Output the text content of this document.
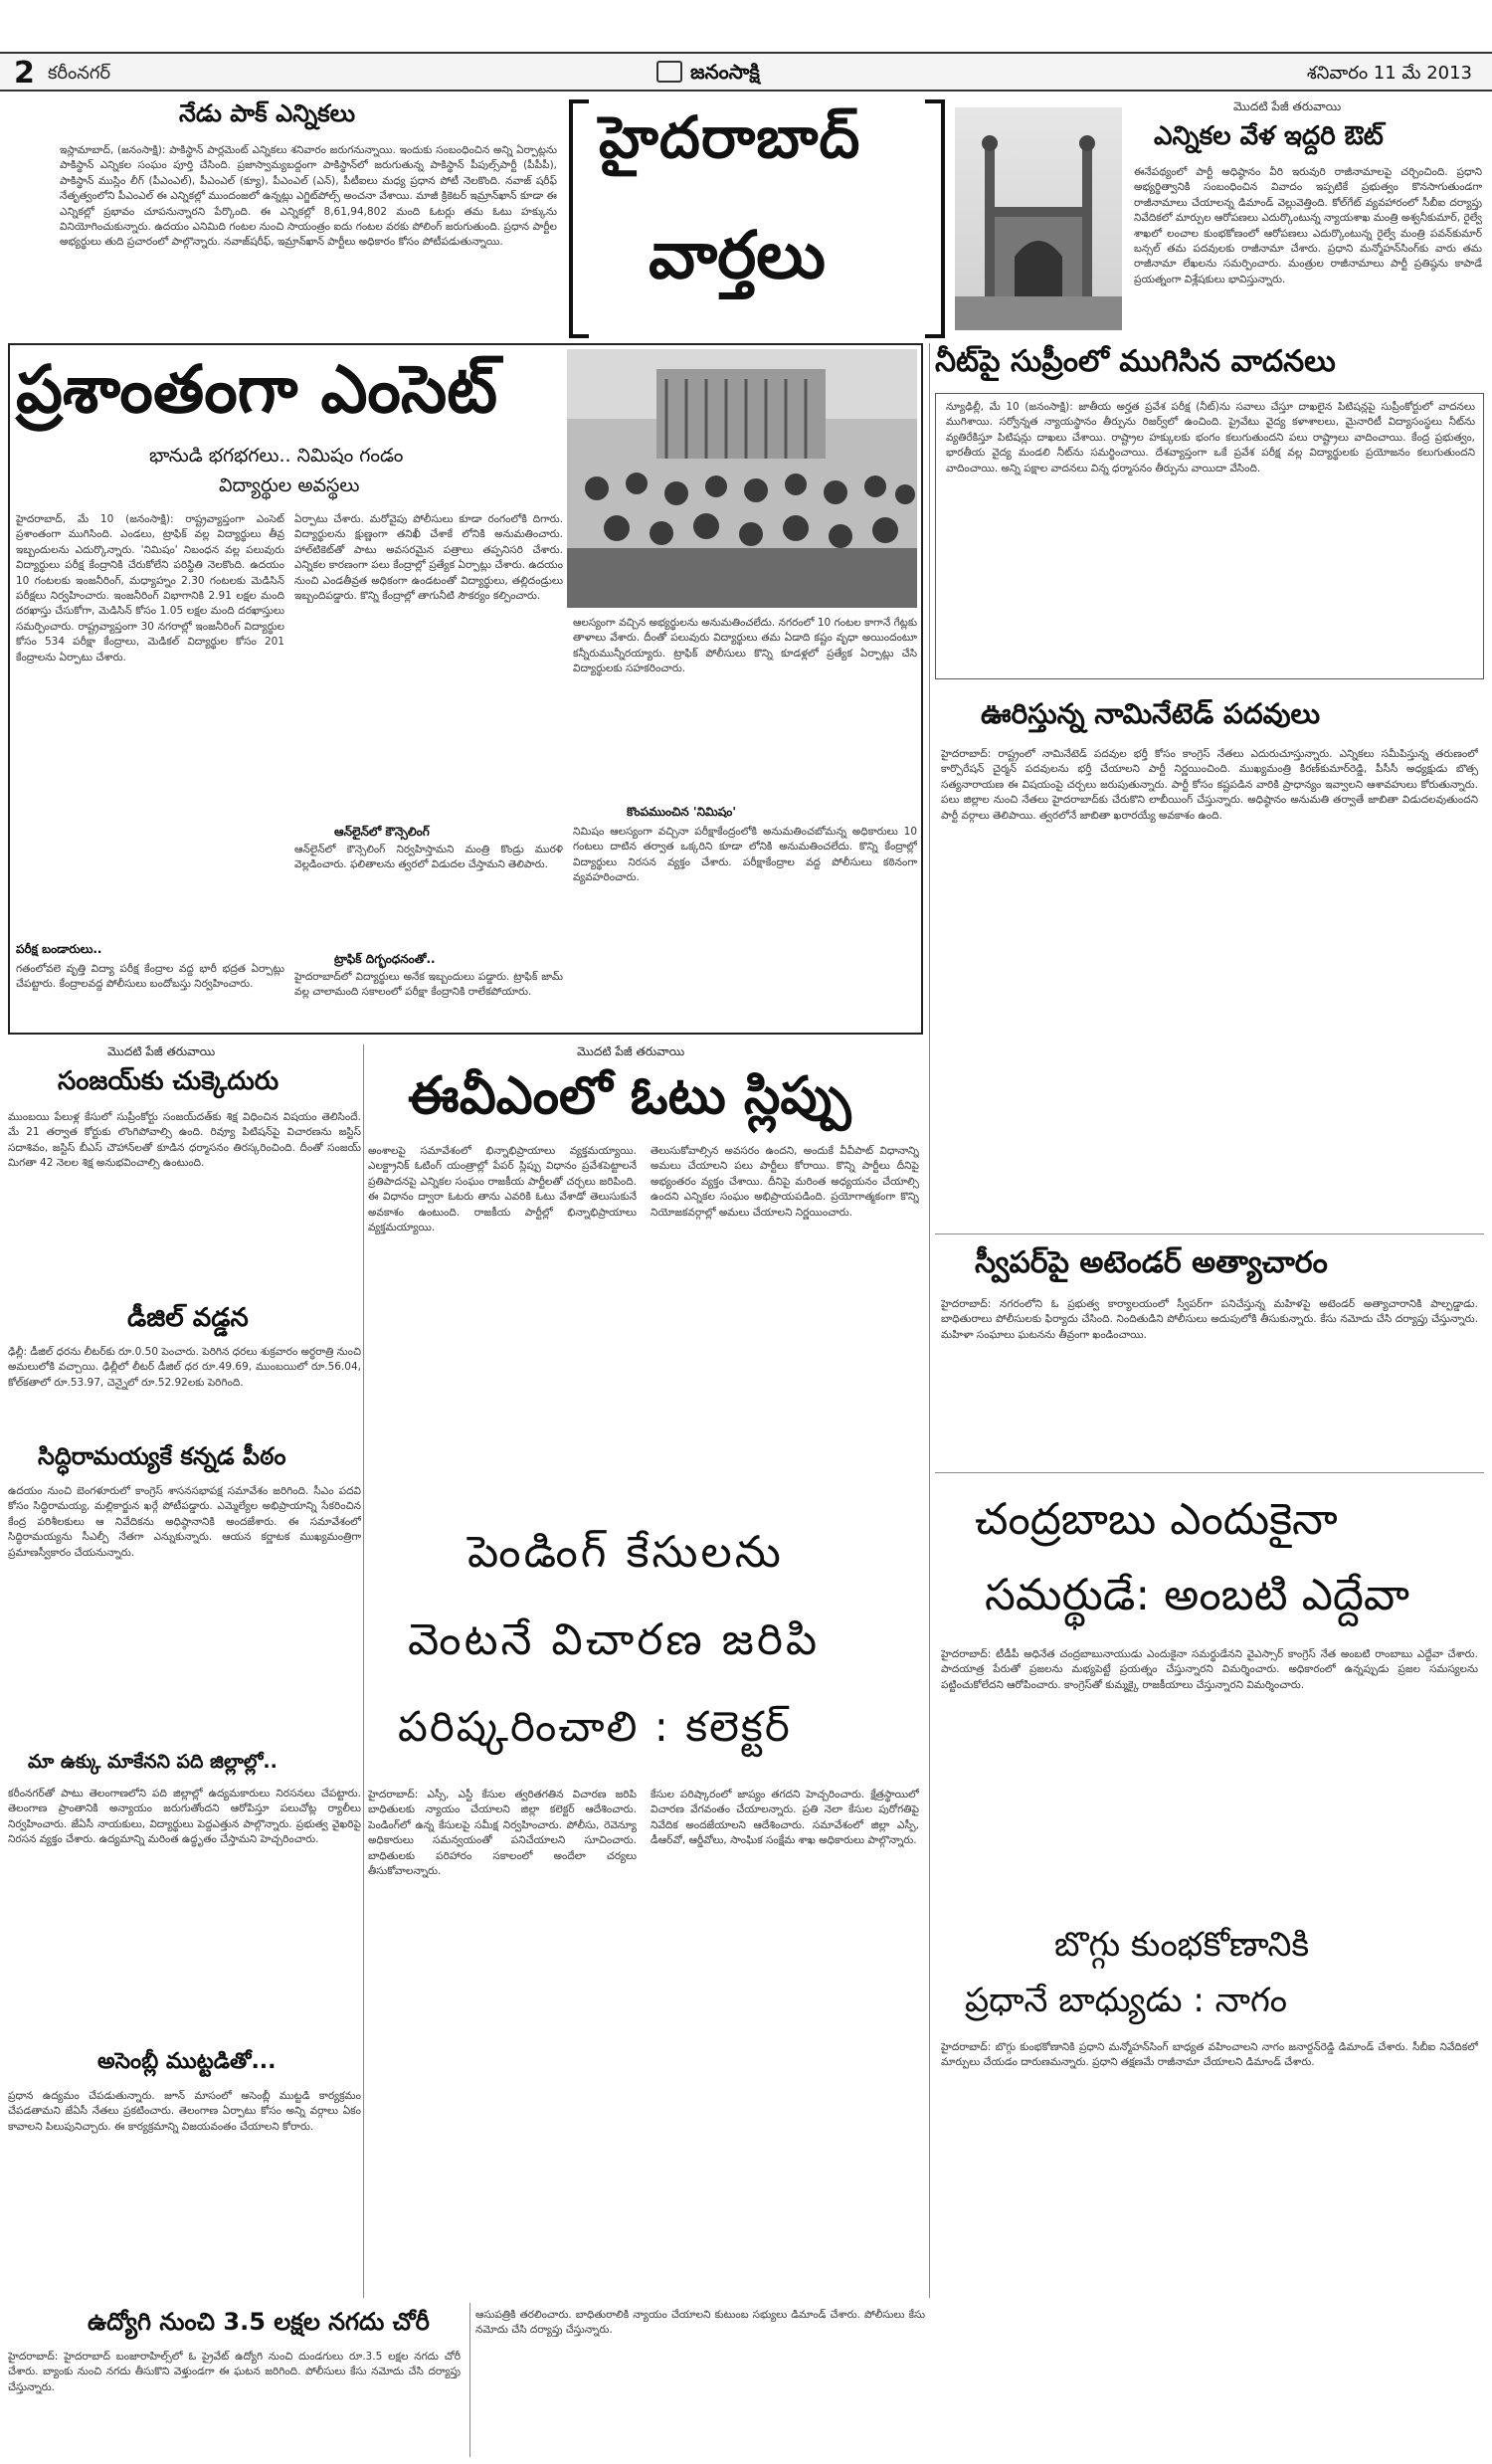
2 కరీంనగర్	జనంసాక్షి	శనివారం 11 మే 2013
నేడు పాక్‌ ఎన్నికలు
ఇస్లామాబాద్‌, (జనంసాక్షి): పాకిస్థాన్‌ పార్లమెంట్‌ ఎన్నికలు శనివారం జరుగనున్నాయి. ఇందుకు సంబంధించిన అన్ని ఏర్పాట్లను పాకిస్థాన్‌ ఎన్నికల సంఘం పూర్తి చేసింది. ప్రజాస్వామ్యబద్దంగా పాకిస్థాన్‌లో జరుగుతున్న పాకిస్థాన్‌ పీపుల్స్‌పార్టీ (పీపీపీ), పాకిస్థాన్‌ ముస్లిం లీగ్‌ (పీఎంఎల్‌), పీఎంఎల్‌ (క్యూ), పీఎంఎల్‌ (ఎన్‌), పీటీఐలు మధ్య ప్రధాన పోటీ నెలకొంది. నవాజ్‌ షరీఫ్‌ నేతృత్వంలోని పీఎంఎల్‌ ఈ ఎన్నికల్లో ముందంజలో ఉన్నట్లు ఎగ్జిట్‌పోల్స్‌ అంచనా వేశాయి. మాజీ క్రికెటర్‌ ఇమ్రాన్‌ఖాన్‌ కూడా ఈ ఎన్నికల్లో ప్రభావం చూపనున్నారని పేర్కొంది. ఈ ఎన్నికల్లో 8,61,94,802 మంది ఓటర్లు తమ ఓటు హక్కును వినియోగించుకున్నారు. ఉదయం ఎనిమిది గంటల నుంచి సాయంత్రం ఐదు గంటల వరకు పోలింగ్‌ జరుగుతుంది. ప్రధాన పార్టీల అభ్యర్థులు తుది ప్రచారంలో పాల్గొన్నారు. నవాజ్‌షరీఫ్‌, ఇమ్రాన్‌ఖాన్‌ పార్టీలు అధికారం కోసం పోటీపడుతున్నాయి.
హైదరాబాద్
వార్తలు
మొదటి పేజీ తరువాయి
ఎన్నికల వేళ ఇద్దరి ఔట్‌
ఈనేపథ్యంలో పార్టీ అధిష్ఠానం వీరి ఇరువురి రాజీనామాలపై చర్చించింది. ప్రధాని అభ్యర్థిత్వానికి సంబంధించిన వివాదం ఇప్పటికే ప్రభుత్వం కొనసాగుతుండగా రాజీనామాలు చేయాలన్న డిమాండ్‌ వెల్లువెత్తింది. కోల్‌గేట్‌ వ్యవహారంలో సీబీఐ దర్యాప్తు నివేదికలో మార్పుల ఆరోపణలు ఎదుర్కొంటున్న న్యాయశాఖ మంత్రి అశ్వనీకుమార్‌, రైల్వే శాఖలో లంచాల కుంభకోణంలో ఆరోపణలు ఎదుర్కొంటున్న రైల్వే మంత్రి పవన్‌కుమార్‌ బన్సల్‌ తమ పదవులకు రాజీనామా చేశారు. ప్రధాని మన్మోహన్‌సింగ్‌కు వారు తమ రాజీనామా లేఖలను సమర్పించారు. మంత్రుల రాజీనామాలు పార్టీ ప్రతిష్ఠను కాపాడే ప్రయత్నంగా విశ్లేషకులు భావిస్తున్నారు.
ప్రశాంతంగా ఎంసెట్‌
భానుడి భగభగలు.. నిమిషం గండం
విద్యార్థుల అవస్థలు
హైదరాబాద్‌, మే 10 (జనంసాక్షి): రాష్ట్రవ్యాప్తంగా ఎంసెట్‌ ప్రశాంతంగా ముగిసింది. ఎండలు, ట్రాఫిక్‌ వల్ల విద్యార్థులు తీవ్ర ఇబ్బందులను ఎదుర్కొన్నారు. 'నిమిషం' నిబంధన వల్ల పలువురు విద్యార్థులు పరీక్ష కేంద్రానికి చేరుకోలేని పరిస్థితి నెలకొంది. ఉదయం 10 గంటలకు ఇంజనీరింగ్‌, మధ్యాహ్నం 2.30 గంటలకు మెడిసిన్‌ పరీక్షలు నిర్వహించారు. ఇంజనీరింగ్‌ విభాగానికి 2.91 లక్షల మంది దరఖాస్తు చేసుకోగా, మెడిసిన్‌ కోసం 1.05 లక్షల మంది దరఖాస్తులు సమర్పించారు. రాష్ట్రవ్యాప్తంగా 30 నగరాల్లో ఇంజనీరింగ్‌ విద్యార్థుల కోసం 534 పరీక్షా కేంద్రాలు, మెడికల్‌ విద్యార్థుల కోసం 201 కేంద్రాలను ఏర్పాటు చేశారు.
పరీక్ష బండారులు..
గతంలోవలె వృత్తి విద్యా పరీక్ష కేంద్రాల వద్ద భారీ భద్రత ఏర్పాట్లు చేపట్టారు. కేంద్రాలవద్ద పోలీసులు బందోబస్తు నిర్వహించారు.
ఏర్పాటు చేశారు. మరోవైపు పోలీసులు కూడా రంగంలోకి దిగారు. విద్యార్థులను క్షుణ్ణంగా తనిఖీ చేశాకే లోనికి అనుమతించారు. హాల్‌టికెట్‌తో పాటు అవసరమైన పత్రాలు తప్పనిసరి చేశారు. ఎన్నికల కారణంగా పలు కేంద్రాల్లో ప్రత్యేక ఏర్పాట్లు చేశారు. ఉదయం నుంచి ఎండతీవ్రత అధికంగా ఉండటంతో విద్యార్థులు, తల్లిదండ్రులు ఇబ్బందిపడ్డారు. కొన్ని కేంద్రాల్లో తాగునీటి సౌకర్యం కల్పించారు.
ఆన్‌లైన్‌లో కౌన్సెలింగ్‌
ఆన్‌లైన్‌లో కౌన్సెలింగ్‌ నిర్వహిస్తామని మంత్రి కొండ్రు మురళి వెల్లడించారు. ఫలితాలను త్వరలో విడుదల చేస్తామని తెలిపారు.
ట్రాఫిక్‌ దిగ్భంధనంతో..
హైదరాబాద్‌లో విద్యార్థులు అనేక ఇబ్బందులు పడ్డారు. ట్రాఫిక్‌ జామ్‌ వల్ల చాలామంది సకాలంలో పరీక్షా కేంద్రానికి రాలేకపోయారు.
ఆలస్యంగా వచ్చిన అభ్యర్థులను అనుమతించలేదు. నగరంలో 10 గంటల కాగానే గేట్లకు తాళాలు వేశారు. దీంతో పలువురు విద్యార్థులు తమ ఏడాది కష్టం వృధా అయిందంటూ కన్నీరుమున్నీరయ్యారు. ట్రాఫిక్‌ పోలీసులు కొన్ని కూడళ్లలో ప్రత్యేక ఏర్పాట్లు చేసి విద్యార్థులకు సహకరించారు.
కొంపముంచిన 'నిమిషం'
నిమిషం ఆలస్యంగా వచ్చినా పరీక్షాకేంద్రంలోకి అనుమతించబోమన్న అధికారులు 10 గంటలు దాటిన తర్వాత ఒక్కరిని కూడా లోనికి అనుమతించలేదు. కొన్ని కేంద్రాల్లో విద్యార్థులు నిరసన వ్యక్తం చేశారు. పరీక్షాకేంద్రాల వద్ద పోలీసులు కఠినంగా వ్యవహరించారు.
నీట్‌పై సుప్రీంలో ముగిసిన వాదనలు
న్యూఢిల్లీ, మే 10 (జనంసాక్షి): జాతీయ అర్హత ప్రవేశ పరీక్ష (నీట్‌)ను సవాలు చేస్తూ దాఖలైన పిటిషన్లపై సుప్రీంకోర్టులో వాదనలు ముగిశాయి. సర్వోన్నత న్యాయస్థానం తీర్పును రిజర్వ్‌లో ఉంచింది. ప్రైవేటు వైద్య కళాశాలలు, మైనారిటీ విద్యాసంస్థలు నీట్‌ను వ్యతిరేకిస్తూ పిటిషన్లు దాఖలు చేశాయి. రాష్ట్రాల హక్కులకు భంగం కలుగుతుందని పలు రాష్ట్రాలు వాదించాయి. కేంద్ర ప్రభుత్వం, భారతీయ వైద్య మండలి నీట్‌ను సమర్థించాయి. దేశవ్యాప్తంగా ఒకే ప్రవేశ పరీక్ష వల్ల విద్యార్థులకు ప్రయోజనం కలుగుతుందని వాదించాయి. అన్ని పక్షాల వాదనలు విన్న ధర్మాసనం తీర్పును వాయిదా వేసింది.
ఊరిస్తున్న నామినేటెడ్‌ పదవులు
హైదరాబాద్‌: రాష్ట్రంలో నామినేటెడ్‌ పదవుల భర్తీ కోసం కాంగ్రెస్‌ నేతలు ఎదురుచూస్తున్నారు. ఎన్నికలు సమీపిస్తున్న తరుణంలో కార్పొరేషన్‌ చైర్మన్‌ పదవులను భర్తీ చేయాలని పార్టీ నిర్ణయించింది. ముఖ్యమంత్రి కిరణ్‌కుమార్‌రెడ్డి, పీసీసీ అధ్యక్షుడు బొత్స సత్యనారాయణ ఈ విషయంపై చర్చలు జరుపుతున్నారు. పార్టీ కోసం కష్టపడిన వారికి ప్రాధాన్యం ఇవ్వాలని ఆశావహులు కోరుతున్నారు. పలు జిల్లాల నుంచి నేతలు హైదరాబాద్‌కు చేరుకొని లాబీయింగ్‌ చేస్తున్నారు. అధిష్ఠానం అనుమతి తర్వాతే జాబితా విడుదలవుతుందని పార్టీ వర్గాలు తెలిపాయి. త్వరలోనే జాబితా ఖరారయ్యే అవకాశం ఉంది.
స్వీపర్‌పై అటెండర్‌ అత్యాచారం
హైదరాబాద్‌: నగరంలోని ఓ ప్రభుత్వ కార్యాలయంలో స్వీపర్‌గా పనిచేస్తున్న మహిళపై అటెండర్‌ అత్యాచారానికి పాల్పడ్డాడు. బాధితురాలు పోలీసులకు ఫిర్యాదు చేసింది. నిందితుడిని పోలీసులు అదుపులోకి తీసుకున్నారు. కేసు నమోదు చేసి దర్యాప్తు చేస్తున్నారు. మహిళా సంఘాలు ఘటనను తీవ్రంగా ఖండించాయి.
చంద్రబాబు ఎందుకైనా
సమర్థుడే: అంబటి ఎద్దేవా
హైదరాబాద్‌: టీడీపీ అధినేత చంద్రబాబునాయుడు ఎందుకైనా సమర్థుడేనని వైఎస్సార్‌ కాంగ్రెస్‌ నేత అంబటి రాంబాబు ఎద్దేవా చేశారు. పాదయాత్ర పేరుతో ప్రజలను మభ్యపెట్టే ప్రయత్నం చేస్తున్నారని విమర్శించారు. అధికారంలో ఉన్నప్పుడు ప్రజల సమస్యలను పట్టించుకోలేదని ఆరోపించారు. కాంగ్రెస్‌తో కుమ్మక్కై రాజకీయాలు చేస్తున్నారని విమర్శించారు.
బొగ్గు కుంభకోణానికి
ప్రధానే బాధ్యుడు : నాగం
హైదరాబాద్‌: బొగ్గు కుంభకోణానికి ప్రధాని మన్మోహన్‌సింగ్‌ బాధ్యత వహించాలని నాగం జనార్దన్‌రెడ్డి డిమాండ్‌ చేశారు. సీబీఐ నివేదికలో మార్పులు చేయడం దారుణమన్నారు. ప్రధాని తక్షణమే రాజీనామా చేయాలని డిమాండ్‌ చేశారు.
మొదటి పేజీ తరువాయి
సంజయ్‌కు చుక్కెదురు
ముంబయి పేలుళ్ల కేసులో సుప్రీంకోర్టు సంజయ్‌దత్‌కు శిక్ష విధించిన విషయం తెలిసిందే. మే 21 తర్వాత కోర్టుకు లొంగిపోవాల్సి ఉంది. రివ్యూ పిటిషన్‌పై విచారణను జస్టిస్‌ సదాశివం, జస్టిస్‌ బీఎస్‌ చౌహాన్‌లతో కూడిన ధర్మాసనం తిరస్కరించింది. దీంతో సంజయ్‌ మిగతా 42 నెలల శిక్ష అనుభవించాల్సి ఉంటుంది.
డీజిల్‌ వడ్డన
ఢిల్లీ: డీజిల్‌ ధరను లీటర్‌కు రూ.0.50 పెంచారు. పెరిగిన ధరలు శుక్రవారం అర్ధరాత్రి నుంచి అమలులోకి వచ్చాయి. ఢిల్లీలో లీటర్‌ డీజిల్‌ ధర రూ.49.69, ముంబయిలో రూ.56.04, కోల్‌కతాలో రూ.53.97, చెన్నైలో రూ.52.92లకు పెరిగింది.
సిద్ధిరామయ్యకే కన్నడ పీఠం
ఉదయం నుంచి బెంగళూరులో కాంగ్రెస్‌ శాసనసభాపక్ష సమావేశం జరిగింది. సీఎం పదవి కోసం సిద్ధిరామయ్య, మల్లికార్జున ఖర్గే పోటీపడ్డారు. ఎమ్మెల్యేల అభిప్రాయాన్ని సేకరించిన కేంద్ర పరిశీలకులు ఆ నివేదికను అధిష్ఠానానికి అందజేశారు. ఈ సమావేశంలో సిద్ధిరామయ్యను సీఎల్పీ నేతగా ఎన్నుకున్నారు. ఆయన కర్ణాటక ముఖ్యమంత్రిగా ప్రమాణస్వీకారం చేయనున్నారు.
మా ఉక్కు మాకేనని పది జిల్లాల్లో..
కరీంనగర్‌తో పాటు తెలంగాణలోని పది జిల్లాల్లో ఉద్యమకారులు నిరసనలు చేపట్టారు. తెలంగాణ ప్రాంతానికి అన్యాయం జరుగుతోందని ఆరోపిస్తూ పలుచోట్ల ర్యాలీలు నిర్వహించారు. జేఏసీ నాయకులు, విద్యార్థులు పెద్దఎత్తున పాల్గొన్నారు. ప్రభుత్వ వైఖరిపై నిరసన వ్యక్తం చేశారు. ఉద్యమాన్ని మరింత ఉద్ధృతం చేస్తామని హెచ్చరించారు.
అసెంబ్లీ ముట్టడితో...
ప్రధాన ఉద్యమం చేపడుతున్నారు. జూన్‌ మాసంలో అసెంబ్లీ ముట్టడి కార్యక్రమం చేపడతామని జేఏసీ నేతలు ప్రకటించారు. తెలంగాణ ఏర్పాటు కోసం అన్ని వర్గాలు ఏకం కావాలని పిలుపునిచ్చారు. ఈ కార్యక్రమాన్ని విజయవంతం చేయాలని కోరారు.
ఉద్యోగి నుంచి 3.5 లక్షల నగదు చోరీ
హైదరాబాద్‌: హైదరాబాద్‌ బంజారాహిల్స్‌లో ఓ ప్రైవేట్‌ ఉద్యోగి నుంచి దుండగులు రూ.3.5 లక్షల నగదు చోరీ చేశారు. బ్యాంకు నుంచి నగదు తీసుకొని వెళ్తుండగా ఈ ఘటన జరిగింది. పోలీసులు కేసు నమోదు చేసి దర్యాప్తు చేస్తున్నారు.
మొదటి పేజీ తరువాయి
ఈవీఎంలో ఓటు స్లిప్పు
అంశాలపై సమావేశంలో భిన్నాభిప్రాయాలు వ్యక్తమయ్యాయి. ఎలక్ట్రానిక్‌ ఓటింగ్‌ యంత్రాల్లో పేపర్‌ స్లిప్పు విధానం ప్రవేశపెట్టాలనే ప్రతిపాదనపై ఎన్నికల సంఘం రాజకీయ పార్టీలతో చర్చలు జరిపింది. ఈ విధానం ద్వారా ఓటరు తాను ఎవరికి ఓటు వేశాడో తెలుసుకునే అవకాశం ఉంటుంది. రాజకీయ పార్టీల్లో భిన్నాభిప్రాయాలు వ్యక్తమయ్యాయి.
తెలుసుకోవాల్సిన అవసరం ఉందని, అందుకే వీవీపాట్‌ విధానాన్ని అమలు చేయాలని పలు పార్టీలు కోరాయి. కొన్ని పార్టీలు దీనిపై అభ్యంతరం వ్యక్తం చేశాయి. దీనిపై మరింత అధ్యయనం చేయాల్సి ఉందని ఎన్నికల సంఘం అభిప్రాయపడింది. ప్రయోగాత్మకంగా కొన్ని నియోజకవర్గాల్లో అమలు చేయాలని నిర్ణయించారు.
పెండింగ్‌ కేసులను
వెంటనే విచారణ జరిపి
పరిష్కరించాలి : కలెక్టర్‌
హైదరాబాద్‌: ఎస్సీ, ఎస్టీ కేసుల త్వరితగతిన విచారణ జరిపి బాధితులకు న్యాయం చేయాలని జిల్లా కలెక్టర్‌ ఆదేశించారు. పెండింగ్‌లో ఉన్న కేసులపై సమీక్ష నిర్వహించారు. పోలీసు, రెవెన్యూ అధికారులు సమన్వయంతో పనిచేయాలని సూచించారు. బాధితులకు పరిహారం సకాలంలో అందేలా చర్యలు తీసుకోవాలన్నారు.
కేసుల పరిష్కారంలో జాప్యం తగదని హెచ్చరించారు. క్షేత్రస్థాయిలో విచారణ వేగవంతం చేయాలన్నారు. ప్రతి నెలా కేసుల పురోగతిపై నివేదిక అందజేయాలని ఆదేశించారు. సమావేశంలో జిల్లా ఎస్పీ, డీఆర్‌వో, ఆర్డీవోలు, సాంఘిక సంక్షేమ శాఖ అధికారులు పాల్గొన్నారు.
ఆసుపత్రికి తరలించారు. బాధితురాలికి న్యాయం చేయాలని కుటుంబ సభ్యులు డిమాండ్‌ చేశారు. పోలీసులు కేసు నమోదు చేసి దర్యాప్తు చేస్తున్నారు.
